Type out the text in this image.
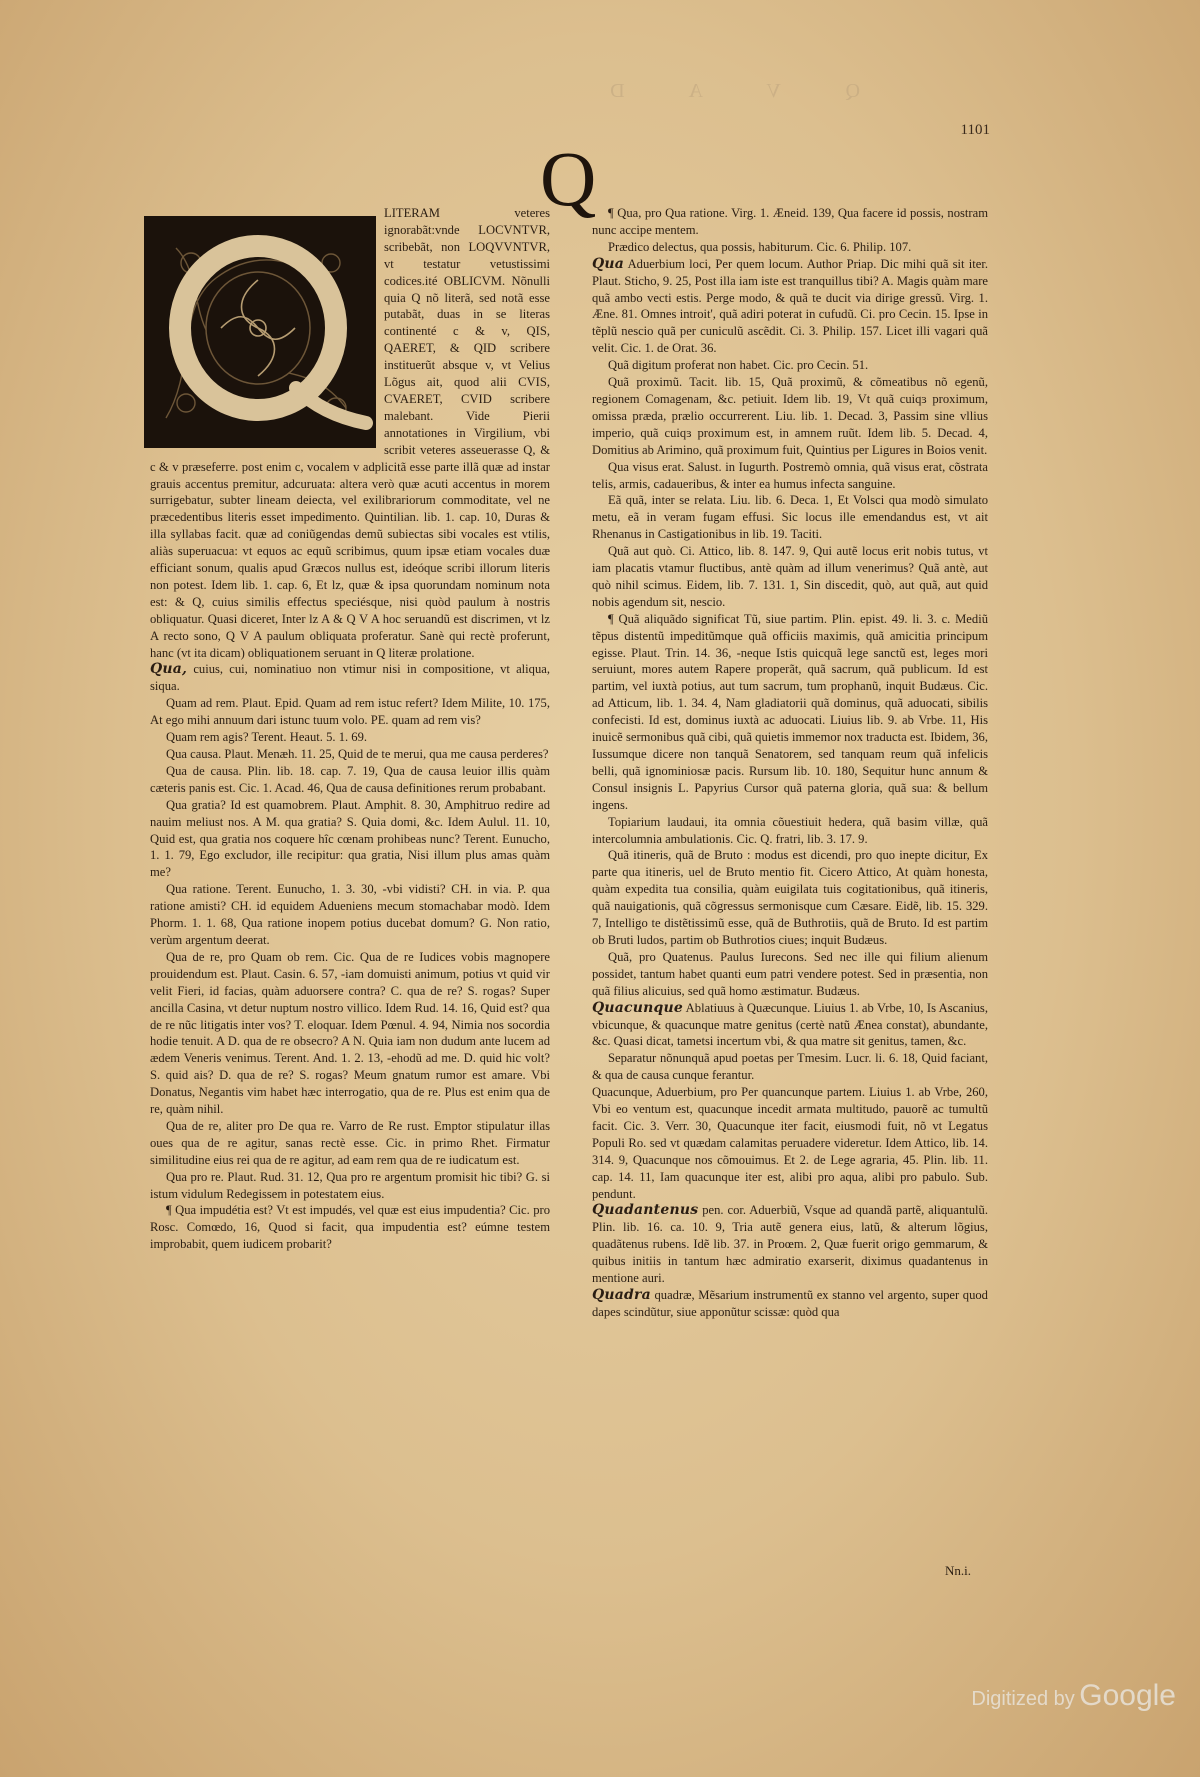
Q V A D
1101
Q

LITERAM veteres ignorabãt:vnde LOCVNTVR, scribebãt, non LOQVVNTVR, vt testatur vetustissimi codices.ité OBLICVM. Nõnulli quia Q nõ literã, sed notã esse putabãt, duas in se literas continenté c & v, QIS, QAERET, & QID scribere instituerũt absque v, vt Velius Lõgus ait, quod alii CVIS, CVAERET, CVID scribere malebant. Vide Pierii annotationes in Virgilium, vbi scribit veteres asseuerasse Q, & c & v præseferre. post enim c, vocalem v adplicitã esse parte illã quæ ad instar grauis accentus premitur, adcuruata: altera verò quæ acuti accentus in morem surrigebatur, subter lineam deiecta, vel exilibrariorum commoditate, vel ne præcedentibus literis esset impedimento. Quintilian. lib. 1. cap. 10, Duras & illa syllabas facit. quæ ad coniũgendas demũ subiectas sibi vocales est vtilis, aliàs superuacua: vt equos ac equũ scribimus, quum ipsæ etiam vocales duæ efficiant sonum, qualis apud Græcos nullus est, ideóque scribi illorum literis non potest. Idem lib. 1. cap. 6, Et lz, quæ & ipsa quorundam nominum nota est: & Q, cuius similis effectus speciésque, nisi quòd paulum à nostris obliquatur. Quasi diceret, Inter lz A & Q V A hoc seruandũ est discrimen, vt lz A recto sono, Q V A paulum obliquata proferatur. Sanè qui rectè proferunt, hanc (vt ita dicam) obliquationem seruant in Q literæ prolatione.

Qua, cuius, cui, nominatiuo non vtimur nisi in compositione, vt aliqua, siqua.

Quam ad rem. Plaut. Epid. Quam ad rem istuc refert? Idem Milite, 10. 175, At ego mihi annuum dari istunc tuum volo. PE. quam ad rem vis?

Quam rem agis? Terent. Heaut. 5. 1. 69.

Qua causa. Plaut. Menæh. 11. 25, Quid de te merui, qua me causa perderes?

Qua de causa. Plin. lib. 18. cap. 7. 19, Qua de causa leuior illis quàm cæteris panis est. Cic. 1. Acad. 46, Qua de causa definitiones rerum probabant.

Qua gratia? Id est quamobrem. Plaut. Amphit. 8. 30, Amphitruo redire ad nauim meliust nos. A M. qua gratia? S. Quia domi, &c. Idem Aulul. 11. 10, Quid est, qua gratia nos coquere hîc cœnam prohibeas nunc? Terent. Eunucho, 1. 1. 79, Ego excludor, ille recipitur: qua gratia, Nisi illum plus amas quàm me?

Qua ratione. Terent. Eunucho, 1. 3. 30, -vbi vidisti? CH. in via. P. qua ratione amisti? CH. id equidem Adueniens mecum stomachabar modò. Idem Phorm. 1. 1. 68, Qua ratione inopem potius ducebat domum? G. Non ratio, verùm argentum deerat.

Qua de re, pro Quam ob rem. Cic. Qua de re Iudices vobis magnopere prouidendum est. Plaut. Casin. 6. 57, -iam domuisti animum, potius vt quid vir velit Fieri, id facias, quàm aduorsere contra? C. qua de re? S. rogas? Super ancilla Casina, vt detur nuptum nostro villico. Idem Rud. 14. 16, Quid est? qua de re nũc litigatis inter vos? T. eloquar. Idem Pœnul. 4. 94, Nimia nos socordia hodie tenuit. A D. qua de re obsecro? A N. Quia iam non dudum ante lucem ad ædem Veneris venimus. Terent. And. 1. 2. 13, -ehodũ ad me. D. quid hic volt? S. quid ais? D. qua de re? S. rogas? Meum gnatum rumor est amare. Vbi Donatus, Negantis vim habet hæc interrogatio, qua de re. Plus est enim qua de re, quàm nihil.

Qua de re, aliter pro De qua re. Varro de Re rust. Emptor stipulatur illas oues qua de re agitur, sanas rectè esse. Cic. in primo Rhet. Firmatur similitudine eius rei qua de re agitur, ad eam rem qua de re iudicatum est.

Qua pro re. Plaut. Rud. 31. 12, Qua pro re argentum promisit hic tibi? G. si istum vidulum Redegissem in potestatem eius.

¶ Qua impudétia est? Vt est impudés, vel quæ est eius impudentia? Cic. pro Rosc. Comœdo, 16, Quod si facit, qua impudentia est? eúmne testem improbabit, quem iudicem probarit?

¶ Qua, pro Qua ratione. Virg. 1. Æneid. 139, Qua facere id possis, nostram nunc accipe mentem.

Prædico delectus, qua possis, habiturum. Cic. 6. Philip. 107.

Qua Aduerbium loci, Per quem locum. Author Priap. Dic mihi quã sit iter. Plaut. Sticho, 9. 25, Post illa iam iste est tranquillus tibi? A. Magis quàm mare quã ambo vecti estis. Perge modo, & quã te ducit via dirige gressũ. Virg. 1. Æne. 81. Omnes introit', quã adiri poterat in cufudũ. Ci. pro Cecin. 15. Ipse in tẽplũ nescio quã per cuniculũ ascẽdit. Ci. 3. Philip. 157. Licet illi vagari quã velit. Cic. 1. de Orat. 36.

Quã digitum proferat non habet. Cic. pro Cecin. 51.

Quã proximũ. Tacit. lib. 15, Quã proximũ, & cõmeatibus nõ egenũ, regionem Comagenam, &c. petiuit. Idem lib. 19, Vt quã cuiqɜ proximum, omissa præda, prælio occurrerent. Liu. lib. 1. Decad. 3, Passim sine vllius imperio, quã cuiqɜ proximum est, in amnem ruũt. Idem lib. 5. Decad. 4, Domitius ab Arimino, quã proximum fuit, Quintius per Ligures in Boios venit.

Qua visus erat. Salust. in Iugurth. Postremò omnia, quã visus erat, cõstrata telis, armis, cadaueribus, & inter ea humus infecta sanguine.

Eã quã, inter se relata. Liu. lib. 6. Deca. 1, Et Volsci qua modò simulato metu, eã in veram fugam effusi. Sic locus ille emendandus est, vt ait Rhenanus in Castigationibus in lib. 19. Taciti.

Quã aut quò. Ci. Attico, lib. 8. 147. 9, Qui autẽ locus erit nobis tutus, vt iam placatis vtamur fluctibus, antè quàm ad illum venerimus? Quã antè, aut quò nihil scimus. Eidem, lib. 7. 131. 1, Sin discedit, quò, aut quã, aut quid nobis agendum sit, nescio.

¶ Quã aliquãdo significat Tũ, siue partim. Plin. epist. 49. li. 3. c. Mediũ tẽpus distentũ impeditũmque quã officiis maximis, quã amicitia principum egisse. Plaut. Trin. 14. 36, -neque Istis quicquã lege sanctũ est, leges mori seruiunt, mores autem Rapere properãt, quã sacrum, quã publicum. Id est partim, vel iuxtà potius, aut tum sacrum, tum prophanũ, inquit Budæus. Cic. ad Atticum, lib. 1. 34. 4, Nam gladiatorii quã dominus, quã aduocati, sibilis confecisti. Id est, dominus iuxtà ac aduocati. Liuius lib. 9. ab Vrbe. 11, His inuicẽ sermonibus quã cibi, quã quietis immemor nox traducta est. Ibidem, 36, Iussumque dicere non tanquã Senatorem, sed tanquam reum quã infelicis belli, quã ignominiosæ pacis. Rursum lib. 10. 180, Sequitur hunc annum & Consul insignis L. Papyrius Cursor quã paterna gloria, quã sua: & bellum ingens.

Topiarium laudaui, ita omnia cõuestiuit hedera, quã basim villæ, quã intercolumnia ambulationis. Cic. Q. fratri, lib. 3. 17. 9.

Quã itineris, quã de Bruto : modus est dicendi, pro quo inepte dicitur, Ex parte qua itineris, uel de Bruto mentio fit. Cicero Attico, At quàm honesta, quàm expedita tua consilia, quàm euigilata tuis cogitationibus, quã itineris, quã nauigationis, quã cõgressus sermonisque cum Cæsare. Eidẽ, lib. 15. 329. 7, Intelligo te distẽtissimũ esse, quã de Buthrotiis, quã de Bruto. Id est partim ob Bruti ludos, partim ob Buthrotios ciues; inquit Budæus.

Quã, pro Quatenus. Paulus Iurecons. Sed nec ille qui filium alienum possidet, tantum habet quanti eum patri vendere potest. Sed in præsentia, non quã filius alicuius, sed quã homo æstimatur. Budæus.

Quacunque Ablatiuus à Quæcunque. Liuius 1. ab Vrbe, 10, Is Ascanius, vbicunque, & quacunque matre genitus (certè natũ Ænea constat), abundante, &c. Quasi dicat, tametsi incertum vbi, & qua matre sit genitus, tamen, &c.

Separatur nõnunquã apud poetas per Tmesim. Lucr. li. 6. 18, Quid faciant, & qua de causa cunque ferantur.

Quacunque, Aduerbium, pro Per quancunque partem. Liuius 1. ab Vrbe, 260, Vbi eo ventum est, quacunque incedit armata multitudo, pauorẽ ac tumultũ facit. Cic. 3. Verr. 30, Quacunque iter facit, eiusmodi fuit, nõ vt Legatus Populi Ro. sed vt quædam calamitas peruadere videretur. Idem Attico, lib. 14. 314. 9, Quacunque nos cõmouimus. Et 2. de Lege agraria, 45. Plin. lib. 11. cap. 14. 11, Iam quacunque iter est, alibi pro aqua, alibi pro pabulo. Sub. pendunt.

Quadantenus pen. cor. Aduerbiũ, Vsque ad quandã partẽ, aliquantulũ. Plin. lib. 16. ca. 10. 9, Tria autẽ genera eius, latũ, & alterum lõgius, quadãtenus rubens. Idẽ lib. 37. in Proœm. 2, Quæ fuerit origo gemmarum, & quibus initiis in tantum hæc admiratio exarserit, diximus quadantenus in mentione auri.

Quadra quadræ, Mẽsarium instrumentũ ex stanno vel argento, super quod dapes scindũtur, siue apponũtur scissæ: quòd qua

Nn.i.
Digitized by Google
